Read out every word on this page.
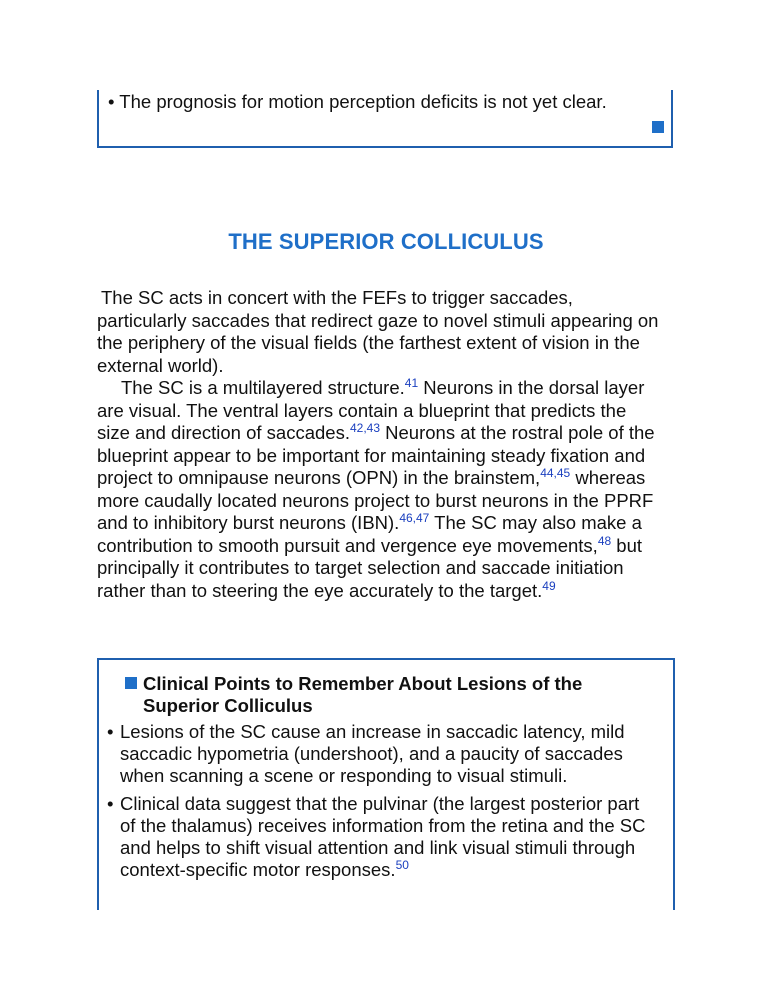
• The prognosis for motion perception deficits is not yet clear.
THE SUPERIOR COLLICULUS

The SC acts in concert with the FEFs to trigger saccades,
particularly saccades that redirect gaze to novel stimuli appearing on
the periphery of the visual fields (the farthest extent of vision in the
external world).

The SC is a multilayered structure.$^{41}$ Neurons in the dorsal layer
are visual. The ventral layers contain a blueprint that predicts the
size and direction of saccades.$^{42,43}$ Neurons at the rostral pole of the
blueprint appear to be important for maintaining steady fixation and
project to omnipause neurons (OPN) in the brainstem,$^{44,45}$ whereas
more caudally located neurons project to burst neurons in the PPRF
and to inhibitory burst neurons (IBN).$^{46,47}$ The SC may also make a
contribution to smooth pursuit and vergence eye movements,$^{48}$ but
principally it contributes to target selection and saccade initiation
rather than to steering the eye accurately to the target.$^{49}$

Clinical Points to Remember About Lesions of the
Superior Colliculus
• Lesions of the SC cause an increase in saccadic latency, mild
saccadic hypometria (undershoot), and a paucity of saccades
when scanning a scene or responding to visual stimuli.
• Clinical data suggest that the pulvinar (the largest posterior part
of the thalamus) receives information from the retina and the SC
and helps to shift visual attention and link visual stimuli through
context-specific motor responses.$^{50}$
